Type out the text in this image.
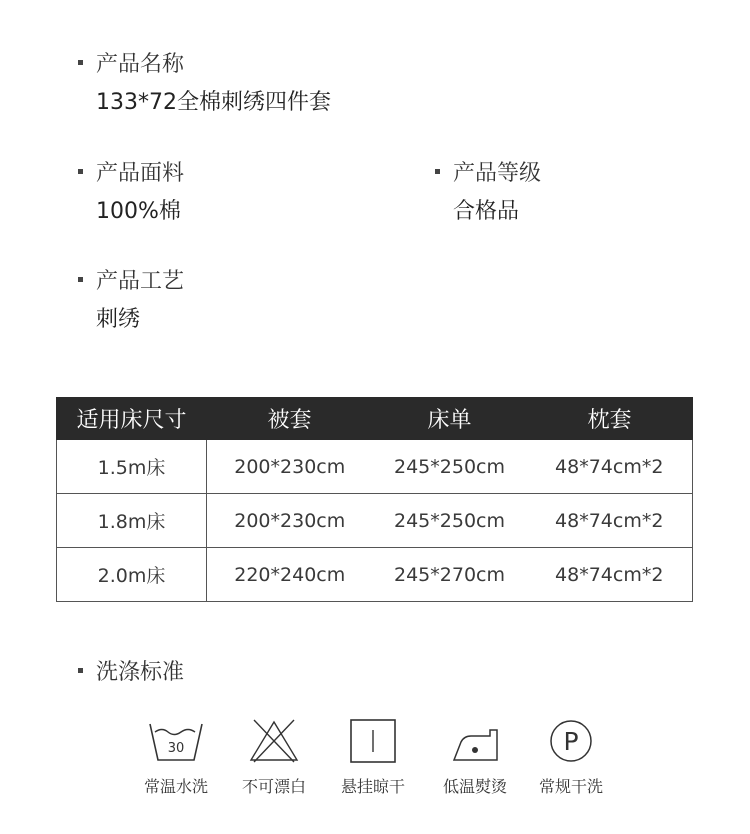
产品名称
133*72全棉刺绣四件套
产品面料
100%棉
产品等级
合格品
产品工艺
刺绣
适用床尺寸	被套	床单	枕套
1.5m床	200*230cm	245*250cm	48*74cm*2
1.8m床	200*230cm	245*250cm	48*74cm*2
2.0m床	220*240cm	245*270cm	48*74cm*2
洗涤标准
30
常温水洗	不可漂白	悬挂晾干	低温熨烫
P
常规干洗
